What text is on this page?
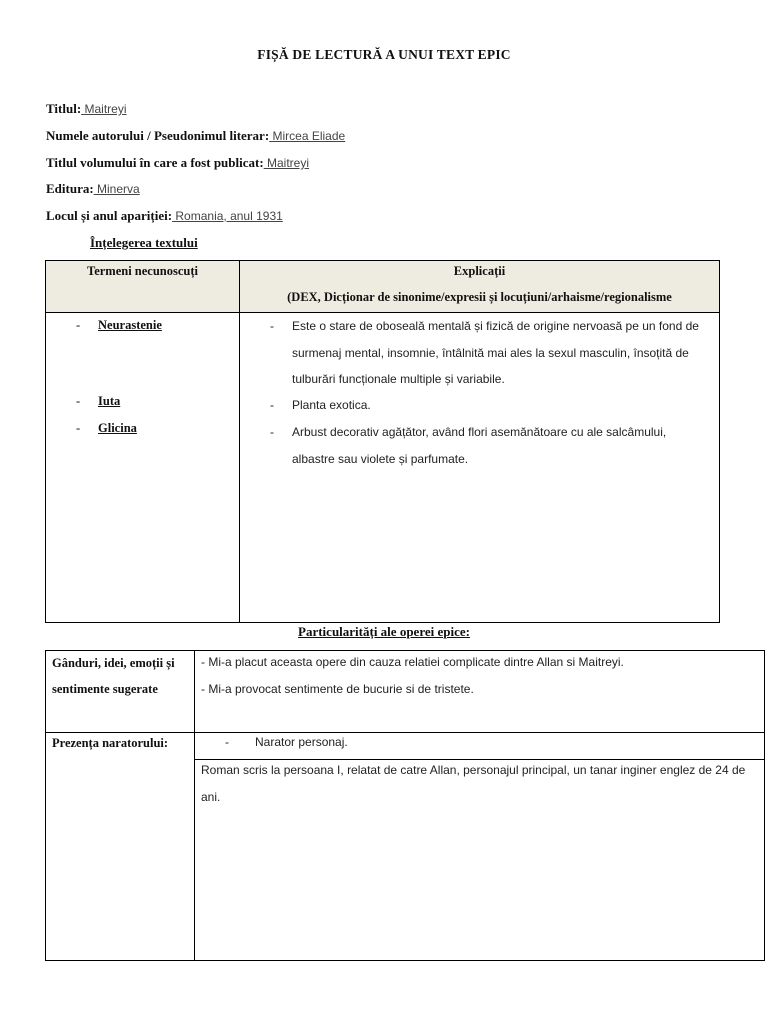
FIȘĂ DE LECTURĂ A UNUI TEXT EPIC
Titlul: Maitreyi
Numele autorului / Pseudonimul literar: Mircea Eliade
Titlul volumului în care a fost publicat: Maitreyi
Editura: Minerva
Locul și anul apariției: Romania, anul 1931
Înțelegerea textului
Termeni necunoscuți	Explicații
(DEX, Dicționar de sinonime/expresii și locuțiuni/arhaisme/regionalisme
- Neurastenie
- Iuta
- Glicina
- Este o stare de oboseală mentală și fizică de origine nervoasă pe un fond de surmenaj mental, insomnie, întâlnită mai ales la sexul masculin, însoțită de tulburări funcționale multiple și variabile.
- Planta exotica.
- Arbust decorativ agățător, având flori asemănătoare cu ale salcâmului, albastre sau violete și parfumate.
Particularități ale operei epice:
Gânduri, idei, emoții și sentimente sugerate
- Mi-a placut aceasta opere din cauza relatiei complicate dintre Allan si Maitreyi.
- Mi-a provocat sentimente de bucurie si de tristete.
Prezența naratorului:	- Narator personaj.
Roman scris la persoana I, relatat de catre Allan, personajul principal, un tanar inginer englez de 24 de ani.
